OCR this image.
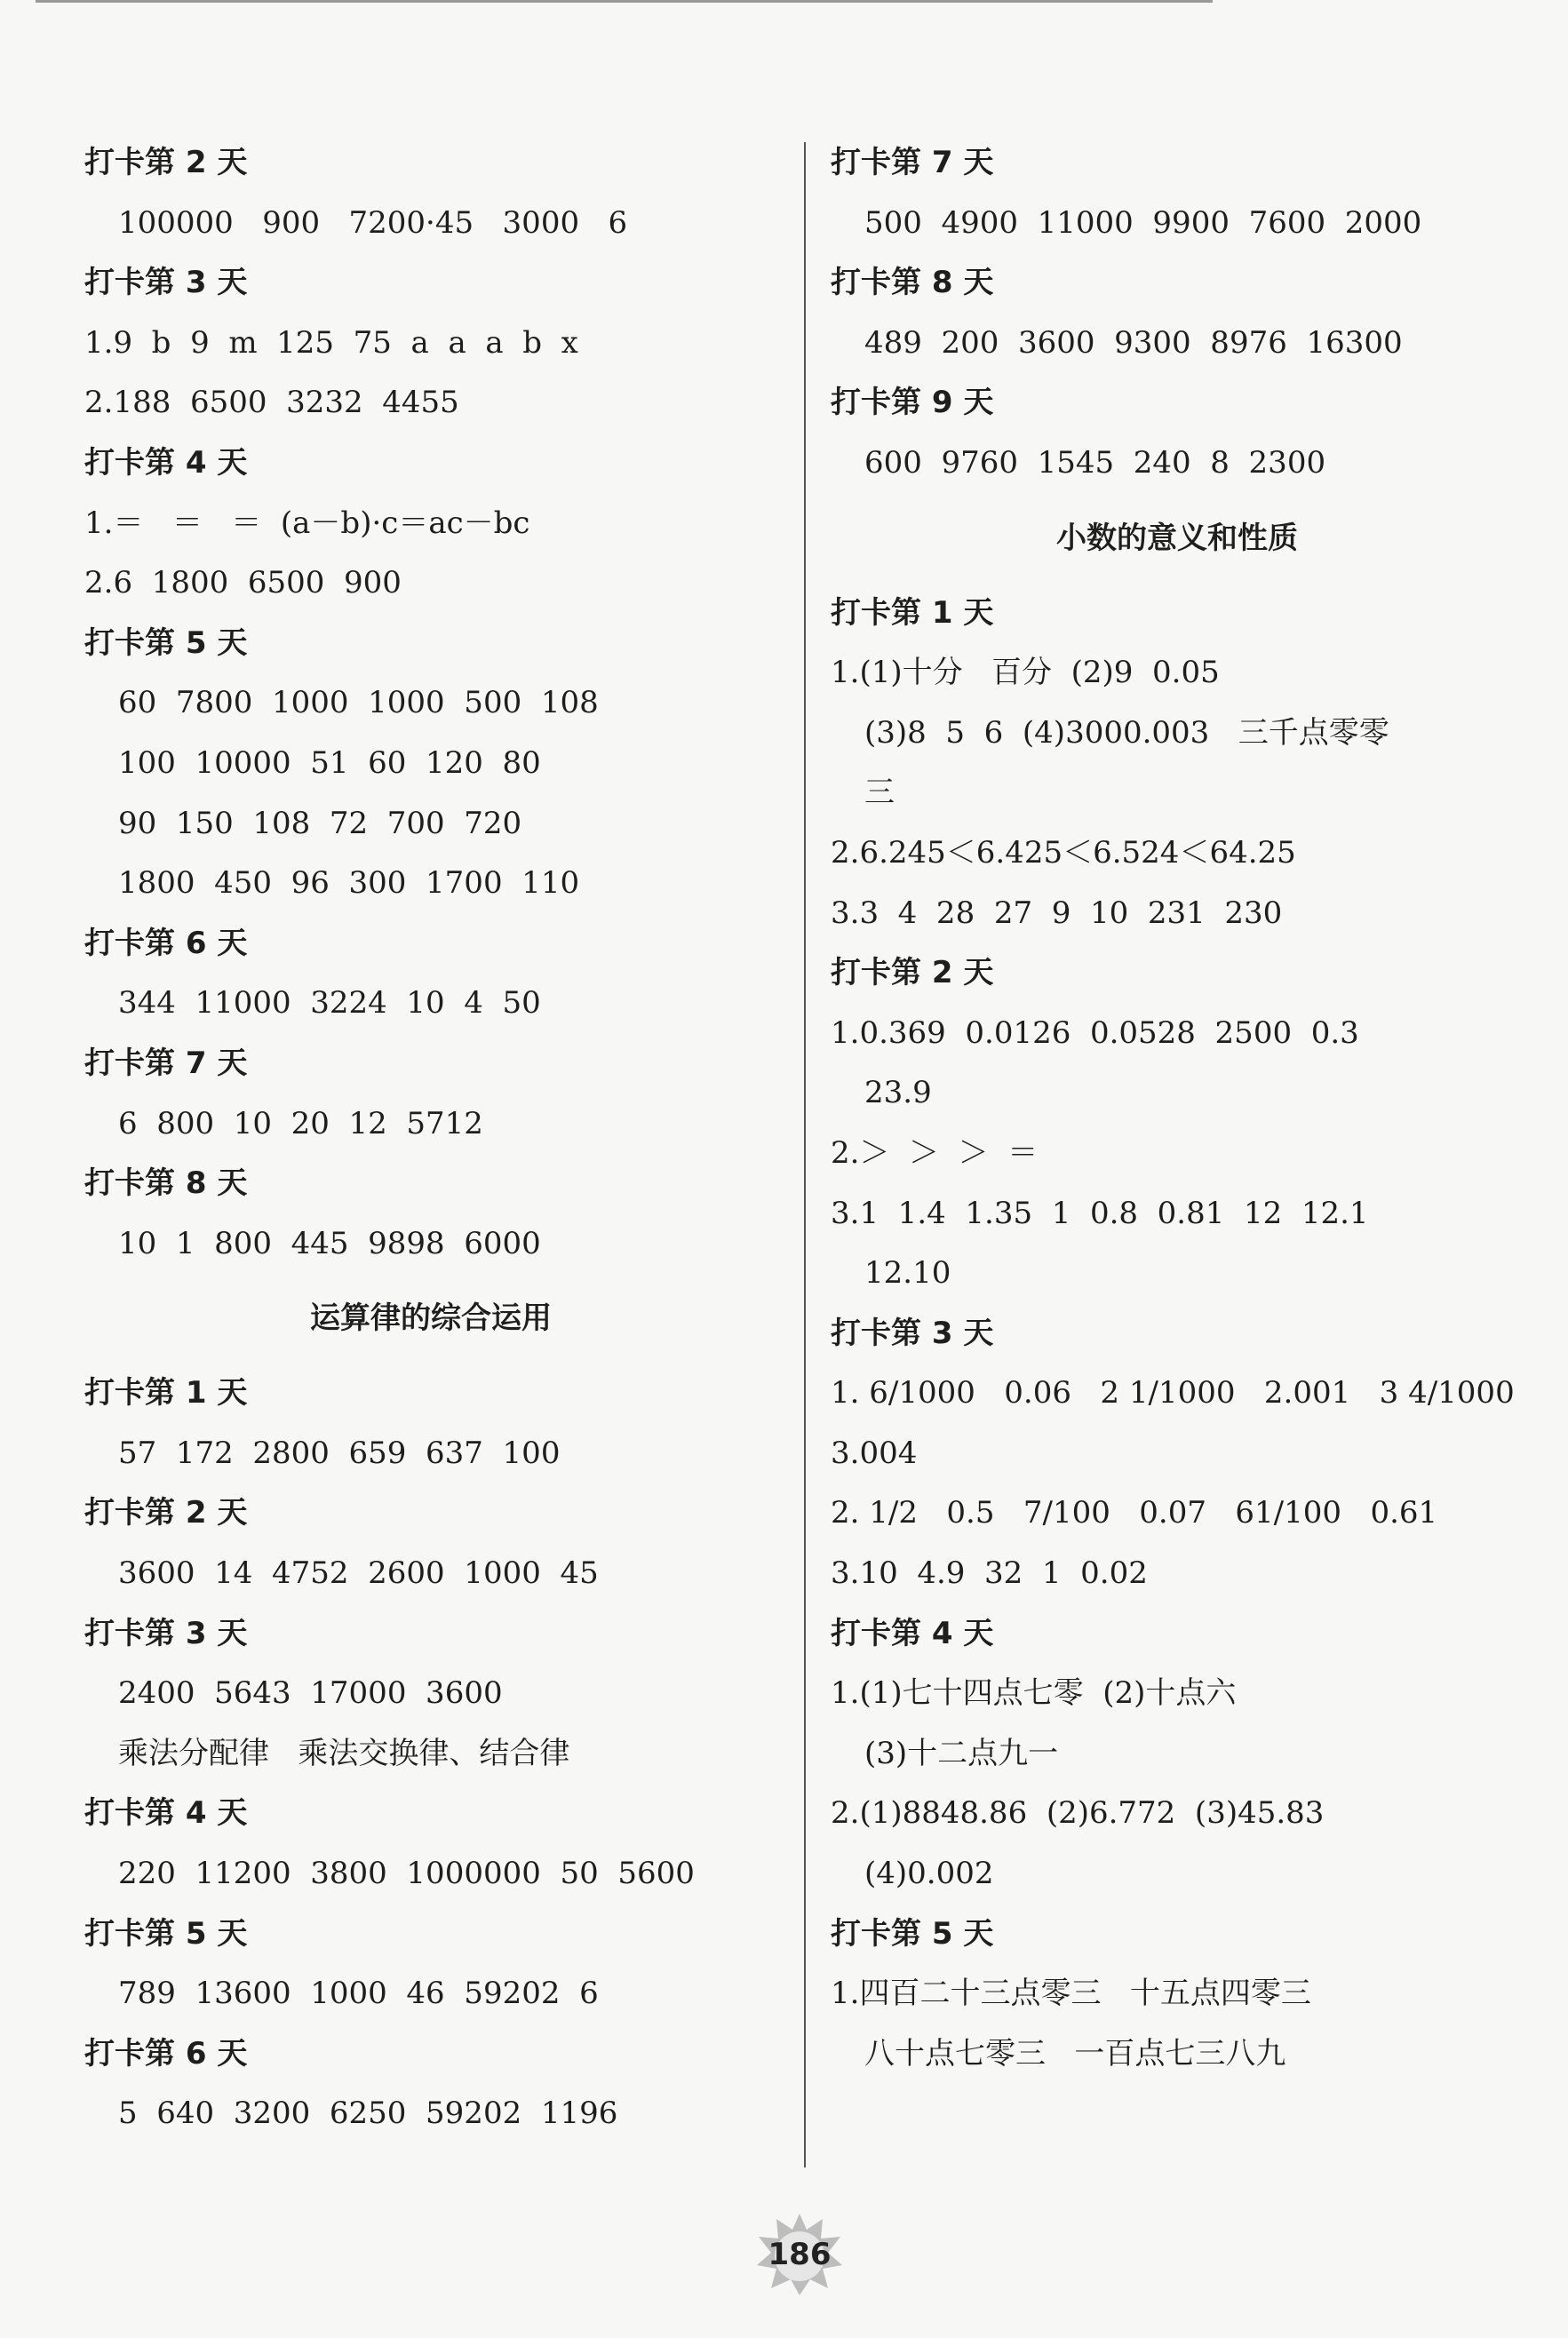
打卡第 2 天
100000   900   7200·45   3000   6
打卡第 3 天
1.9  b  9  m  125  75  a  a  a  b  x
2.188  6500  3232  4455
打卡第 4 天
1.＝   ＝   ＝  (a－b)·c＝ac－bc
2.6  1800  6500  900
打卡第 5 天
60  7800  1000  1000  500  108
100  10000  51  60  120  80
90  150  108  72  700  720
1800  450  96  300  1700  110
打卡第 6 天
344  11000  3224  10  4  50
打卡第 7 天
6  800  10  20  12  5712
打卡第 8 天
10  1  800  445  9898  6000
运算律的综合运用
打卡第 1 天
57  172  2800  659  637  100
打卡第 2 天
3600  14  4752  2600  1000  45
打卡第 3 天
2400  5643  17000  3600
乘法分配律   乘法交换律、结合律
打卡第 4 天
220  11200  3800  1000000  50  5600
打卡第 5 天
789  13600  1000  46  59202  6
打卡第 6 天
5  640  3200  6250  59202  1196
打卡第 7 天
500  4900  11000  9900  7600  2000
打卡第 8 天
489  200  3600  9300  8976  16300
打卡第 9 天
600  9760  1545  240  8  2300
小数的意义和性质
打卡第 1 天
1.(1)十分   百分  (2)9  0.05
(3)8  5  6  (4)3000.003   三千点零零
三
2.6.245＜6.425＜6.524＜64.25
3.3  4  28  27  9  10  231  230
打卡第 2 天
1.0.369  0.0126  0.0528  2500  0.3
23.9
2.＞  ＞  ＞  ＝
3.1  1.4  1.35  1  0.8  0.81  12  12.1
12.10
打卡第 3 天
1. 6/1000   0.06   2 1/1000   2.001   3 4/1000
3.004
2. 1/2   0.5   7/100   0.07   61/100   0.61
3.10  4.9  32  1  0.02
打卡第 4 天
1.(1)七十四点七零  (2)十点六
(3)十二点九一
2.(1)8848.86  (2)6.772  (3)45.83
(4)0.002
打卡第 5 天
1.四百二十三点零三   十五点四零三
八十点七零三   一百点七三八九
186
